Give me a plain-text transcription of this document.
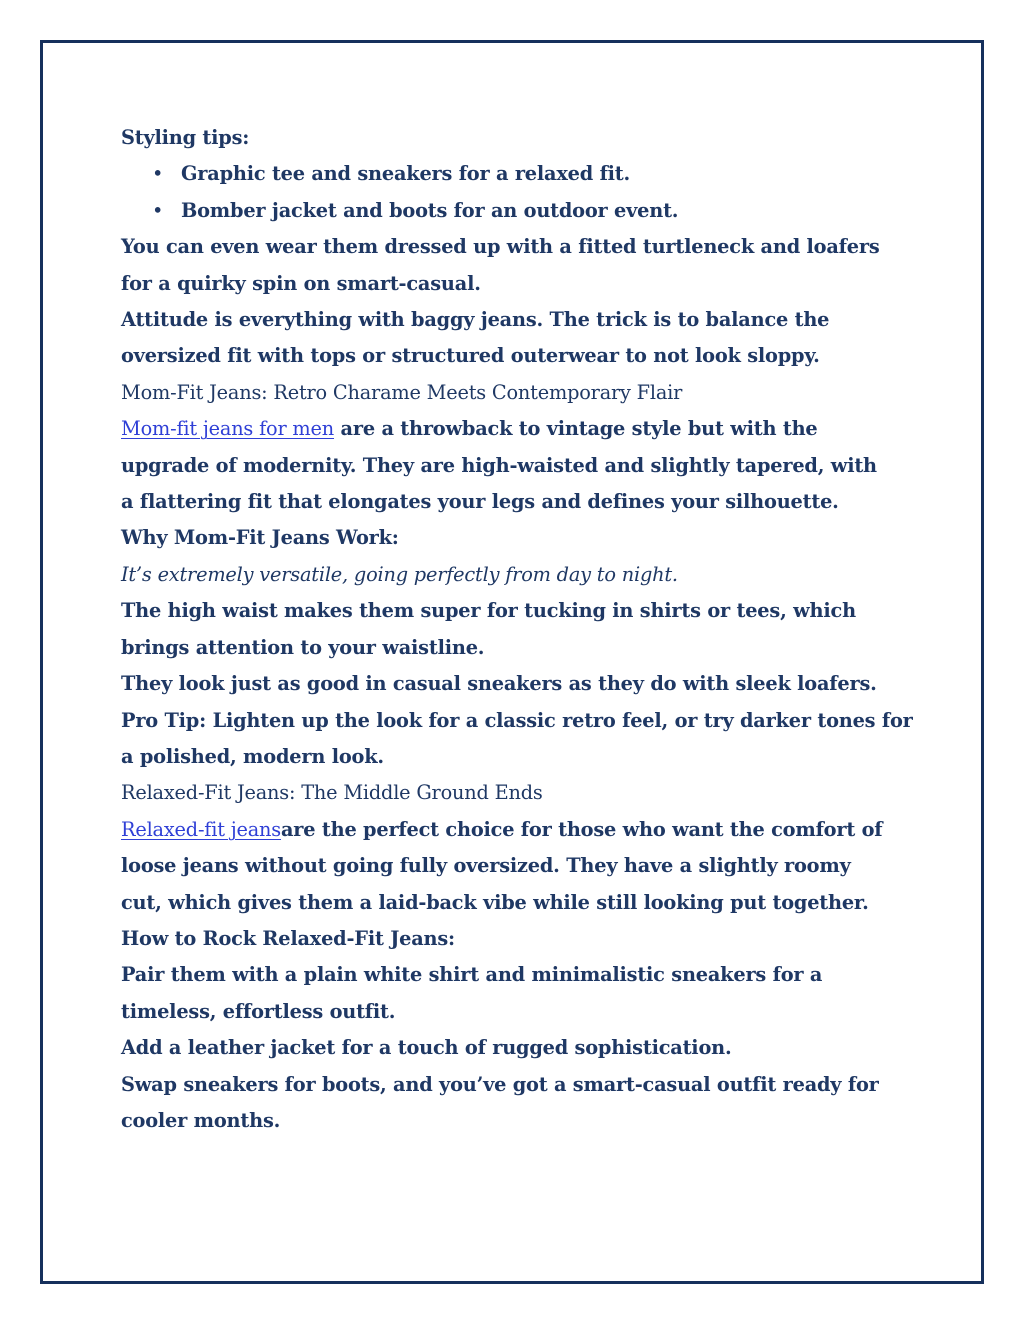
Styling tips:

• Graphic tee and sneakers for a relaxed fit.
• Bomber jacket and boots for an outdoor event.

You can even wear them dressed up with a fitted turtleneck and loafers

for a quirky spin on smart-casual.

Attitude is everything with baggy jeans. The trick is to balance the

oversized fit with tops or structured outerwear to not look sloppy.

Mom-Fit Jeans: Retro Charame Meets Contemporary Flair

Mom-fit jeans for men are a throwback to vintage style but with the

upgrade of modernity. They are high-waisted and slightly tapered, with

a flattering fit that elongates your legs and defines your silhouette.

Why Mom-Fit Jeans Work:

It’s extremely versatile, going perfectly from day to night.

The high waist makes them super for tucking in shirts or tees, which

brings attention to your waistline.

They look just as good in casual sneakers as they do with sleek loafers.

Pro Tip: Lighten up the look for a classic retro feel, or try darker tones for

a polished, modern look.

Relaxed-Fit Jeans: The Middle Ground Ends

Relaxed-fit jeansare the perfect choice for those who want the comfort of

loose jeans without going fully oversized. They have a slightly roomy

cut, which gives them a laid-back vibe while still looking put together.

How to Rock Relaxed-Fit Jeans:

Pair them with a plain white shirt and minimalistic sneakers for a

timeless, effortless outfit.

Add a leather jacket for a touch of rugged sophistication.

Swap sneakers for boots, and you’ve got a smart-casual outfit ready for

cooler months.
